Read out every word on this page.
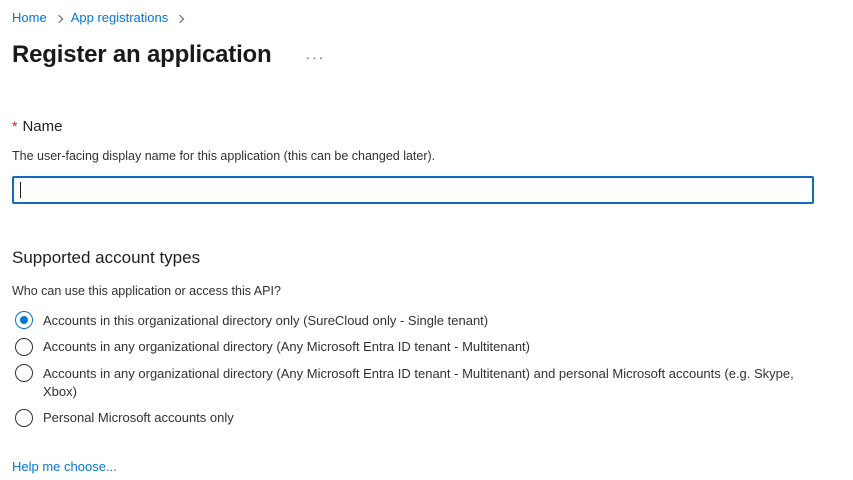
Home App registrations
Register an application ···
* Name
The user-facing display name for this application (this can be changed later).
Supported account types
Who can use this application or access this API?
Accounts in this organizational directory only (SureCloud only - Single tenant)
Accounts in any organizational directory (Any Microsoft Entra ID tenant - Multitenant)
Accounts in any organizational directory (Any Microsoft Entra ID tenant - Multitenant) and personal Microsoft accounts (e.g. Skype, Xbox)
Personal Microsoft accounts only
Help me choose...
